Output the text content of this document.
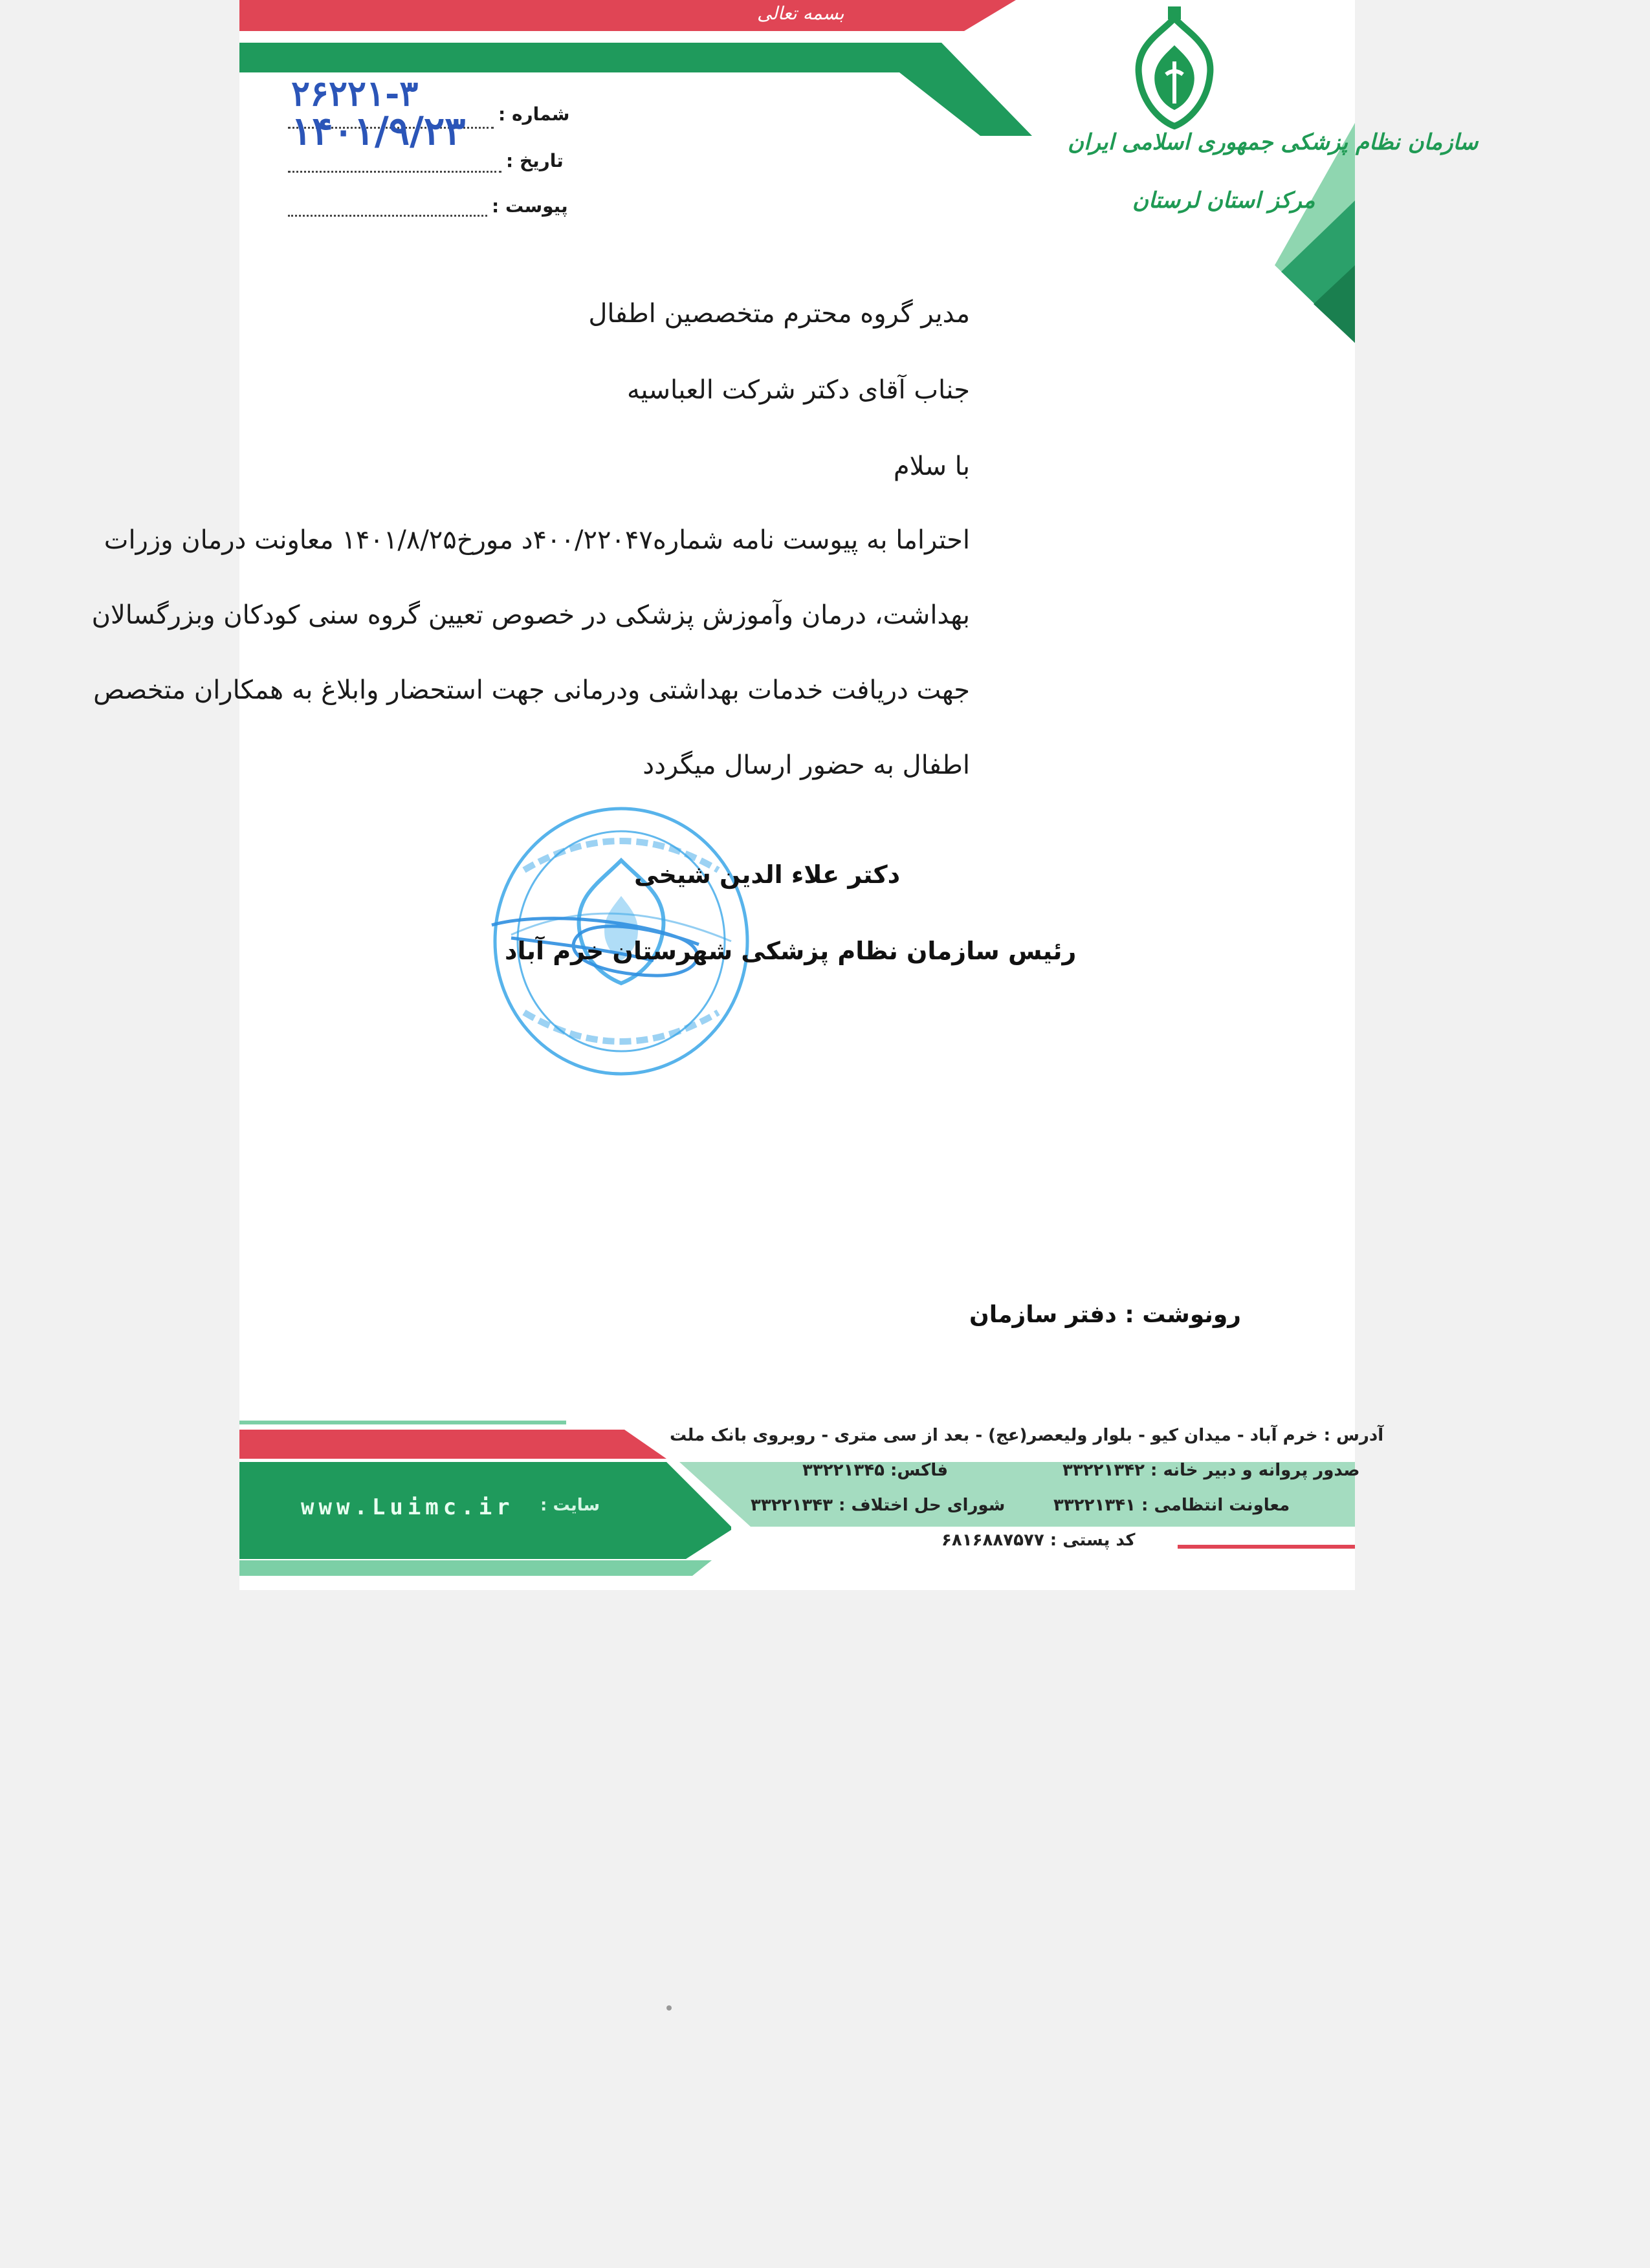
بسمه تعالی
سازمان نظام پزشکی جمهوری اسلامی ایران
مرکز استان لرستان
شماره :
تاریخ :
پیوست :
۲۶۲۲۱-۳
۱۴۰۱/۹/۲۳
مدیر گروه محترم متخصصین اطفال
جناب آقای دکتر شرکت العباسیه
با سلام
احتراما به پیوست نامه شماره۴۰۰/۲۲۰۴۷د مورخ۱۴۰۱/۸/۲۵ معاونت درمان وزرات
بهداشت، درمان وآموزش پزشکی در خصوص تعیین گروه سنی کودکان وبزرگسالان
جهت دریافت خدمات بهداشتی ودرمانی جهت استحضار وابلاغ به همکاران متخصص
اطفال به حضور ارسال میگردد
دکتر علاء الدین شیخی
رئیس سازمان نظام پزشکی شهرستان خرم آباد
رونوشت : دفتر سازمان
آدرس : خرم آباد - میدان کیو - بلوار ولیعصر(عج) - بعد از سی متری - روبروی بانک ملت
صدور پروانه و دبیر خانه : ۳۳۲۲۱۳۴۲
فاکس: ۳۳۲۲۱۳۴۵
معاونت انتظامی : ۳۳۲۲۱۳۴۱
شورای حل اختلاف : ۳۳۲۲۱۳۴۳
کد پستی : ۶۸۱۶۸۸۷۵۷۷
www.Luimc.ir سایت :
